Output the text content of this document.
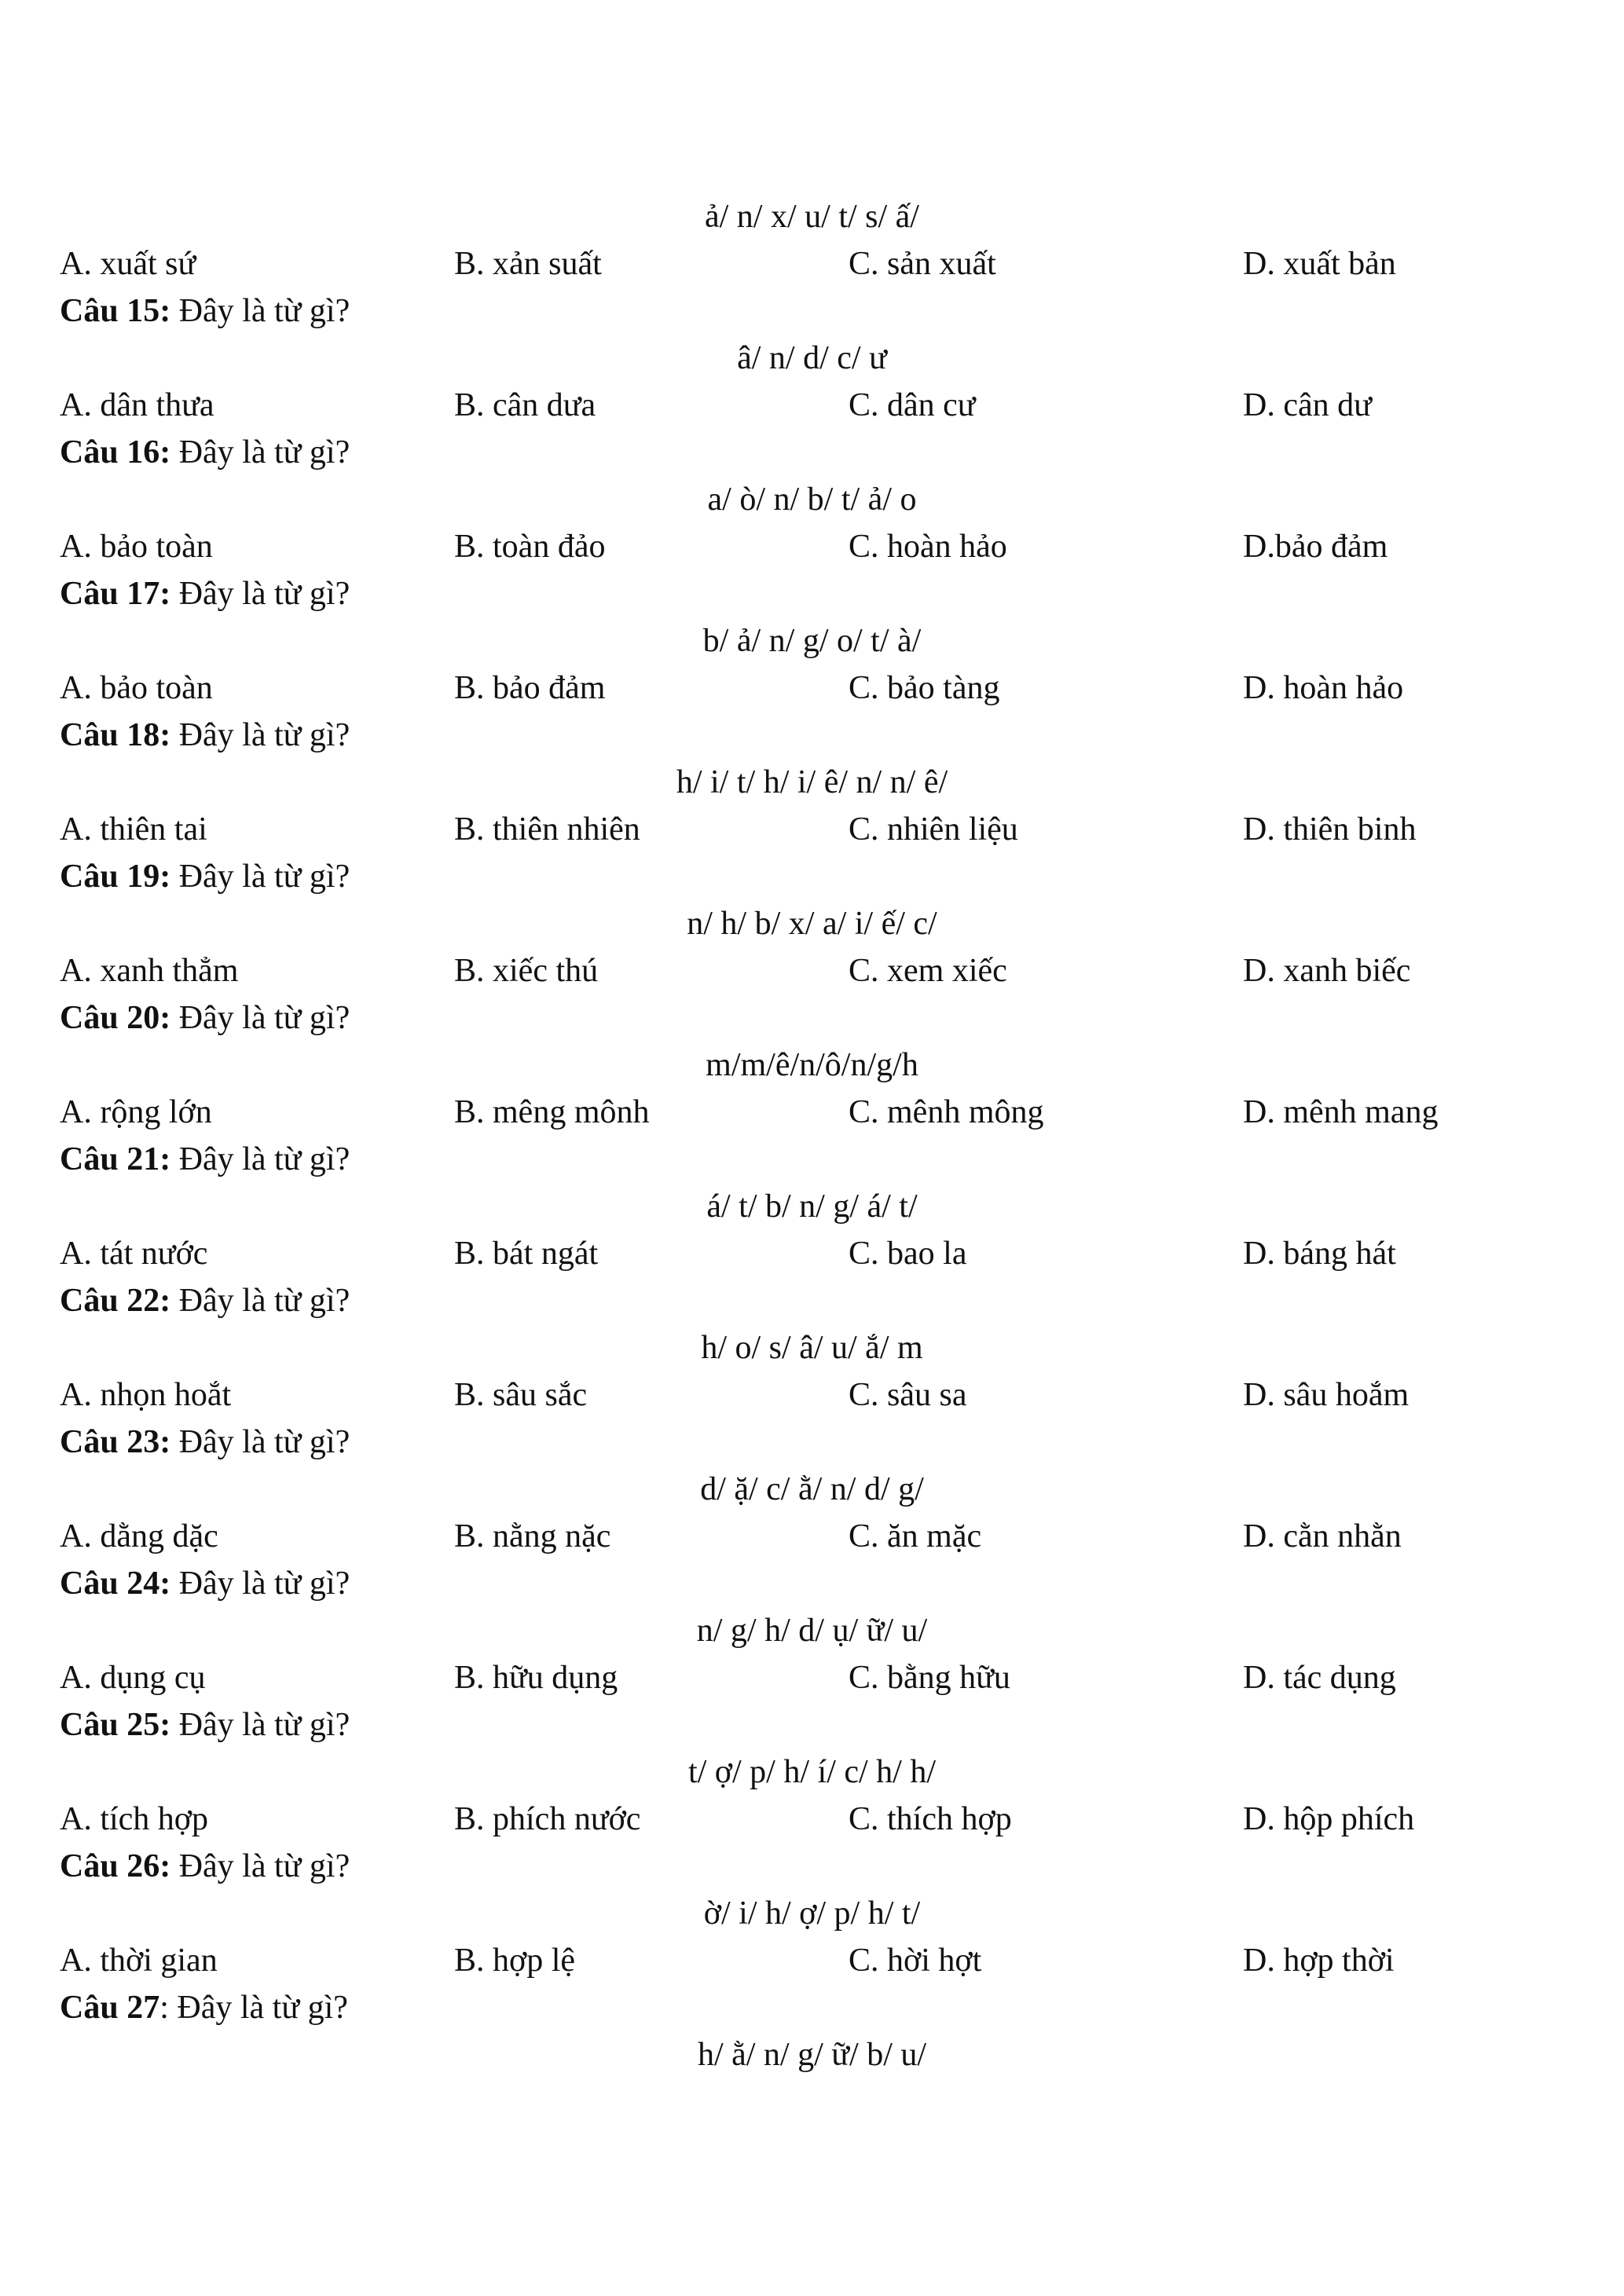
ả/ n/ x/ u/ t/ s/ ấ/
A. xuất sứ	B. xản suất	C. sản xuất	D. xuất bản
Câu 15: Đây là từ gì?
â/ n/ d/ c/ ư
A. dân thưa	B. cân dưa	C. dân cư	D. cân dư
Câu 16: Đây là từ gì?
a/ ò/ n/ b/ t/ ả/ o
A. bảo toàn	B. toàn đảo	C. hoàn hảo	D.bảo đảm
Câu 17: Đây là từ gì?
b/ ả/ n/ g/ o/ t/ à/
A. bảo toàn	B. bảo đảm	C. bảo tàng	D. hoàn hảo
Câu 18: Đây là từ gì?
h/ i/ t/ h/ i/ ê/ n/ n/ ê/
A. thiên tai	B. thiên nhiên	C. nhiên liệu	D. thiên binh
Câu 19: Đây là từ gì?
n/ h/ b/ x/ a/ i/ ế/ c/
A. xanh thẳm	B. xiếc thú	C. xem xiếc	D. xanh biếc
Câu 20: Đây là từ gì?
m/m/ê/n/ô/n/g/h
A. rộng lớn	B. mêng mônh	C. mênh mông	D. mênh mang
Câu 21: Đây là từ gì?
á/ t/ b/ n/ g/ á/ t/
A. tát nước	B. bát ngát	C. bao la	D. báng hát
Câu 22: Đây là từ gì?
h/ o/ s/ â/ u/ ắ/ m
A. nhọn hoắt	B. sâu sắc	C. sâu sa	D. sâu hoắm
Câu 23: Đây là từ gì?
d/ ặ/ c/ ằ/ n/ d/ g/
A. dằng dặc	B. nằng nặc	C. ăn mặc	D. cằn nhằn
Câu 24: Đây là từ gì?
n/ g/ h/ d/ ụ/ ữ/ u/
A. dụng cụ	B. hữu dụng	C. bằng hữu	D. tác dụng
Câu 25: Đây là từ gì?
t/ ợ/ p/ h/ í/ c/ h/ h/
A. tích hợp	B. phích nước	C. thích hợp	D. hộp phích
Câu 26: Đây là từ gì?
ờ/ i/ h/ ợ/ p/ h/ t/
A. thời gian	B. hợp lệ	C. hời hợt	D. hợp thời
Câu 27: Đây là từ gì?
h/ ằ/ n/ g/ ữ/ b/ u/
